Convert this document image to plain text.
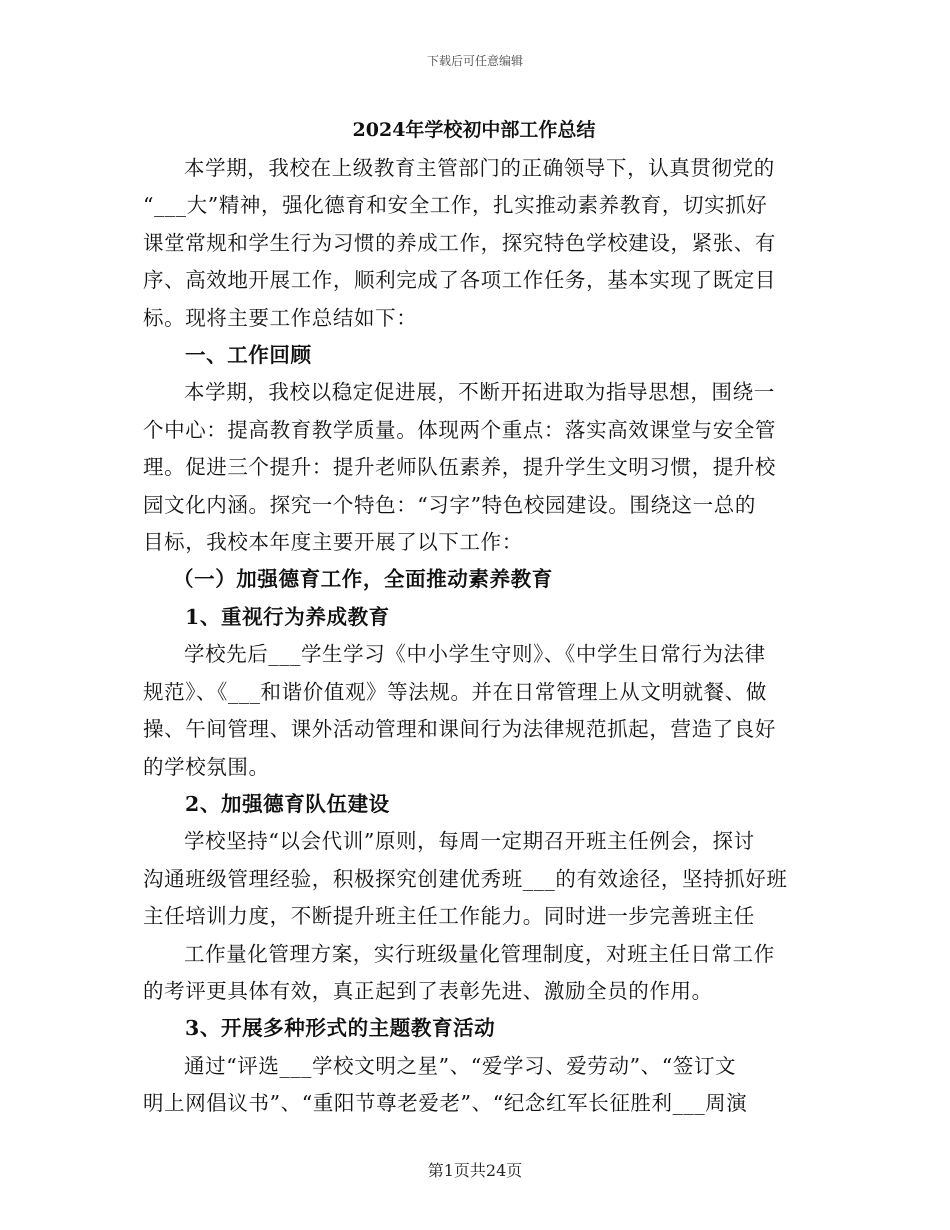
下载后可任意编辑
2024年学校初中部工作总结
本学期，我校在上级教育主管部门的正确领导下，认真贯彻党的
“___大”精神，强化德育和安全工作，扎实推动素养教育，切实抓好
课堂常规和学生行为习惯的养成工作，探究特色学校建设，紧张、有
序、高效地开展工作，顺利完成了各项工作任务，基本实现了既定目
标。现将主要工作总结如下：
一、工作回顾
本学期，我校以稳定促进展，不断开拓进取为指导思想，围绕一
个中心：提高教育教学质量。体现两个重点：落实高效课堂与安全管
理。促进三个提升：提升老师队伍素养，提升学生文明习惯，提升校
园文化内涵。探究一个特色：“习字”特色校园建设。围绕这一总的
目标，我校本年度主要开展了以下工作：
（一）加强德育工作，全面推动素养教育
1、重视行为养成教育
学校先后___学生学习《中小学生守则》、《中学生日常行为法律
规范》、《___和谐价值观》等法规。并在日常管理上从文明就餐、做
操、午间管理、课外活动管理和课间行为法律规范抓起，营造了良好
的学校氛围。
2、加强德育队伍建设
学校坚持“以会代训”原则，每周一定期召开班主任例会，探讨
沟通班级管理经验，积极探究创建优秀班___的有效途径，坚持抓好班
主任培训力度，不断提升班主任工作能力。同时进一步完善班主任
工作量化管理方案，实行班级量化管理制度，对班主任日常工作
的考评更具体有效，真正起到了表彰先进、激励全员的作用。
3、开展多种形式的主题教育活动
通过“评选___学校文明之星”、“爱学习、爱劳动”、“签订文
明上网倡议书”、“重阳节尊老爱老”、“纪念红军长征胜利___周演
第1页共24页
